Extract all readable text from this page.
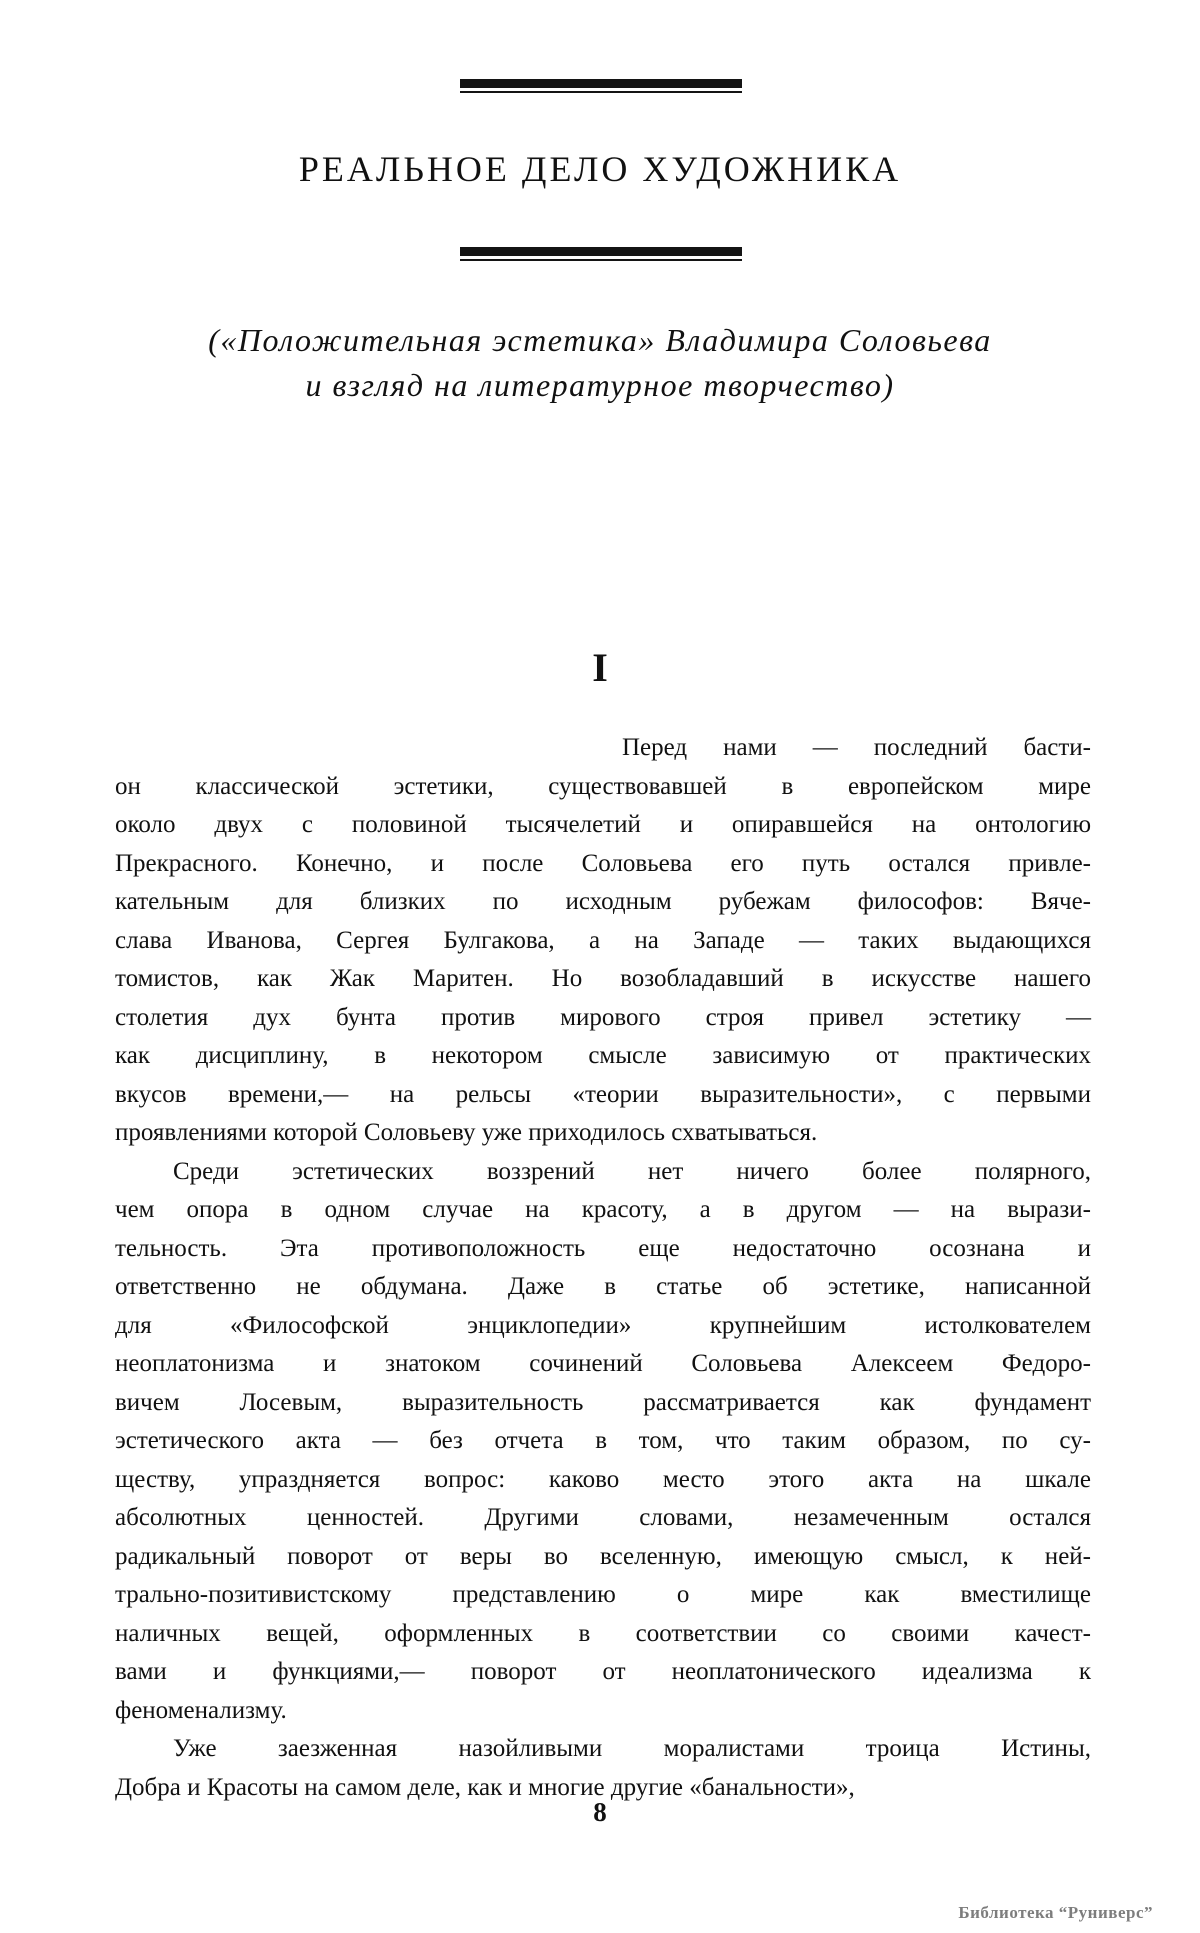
РЕАЛЬНОЕ ДЕЛО ХУДОЖНИКА
(«Положительная эстетика» Владимира Соловьева
и взгляд на литературное творчество)
I

Перед нами — последний басти-
он классической эстетики, существовавшей в европейском мире
около двух с половиной тысячелетий и опиравшейся на онтологию
Прекрасного. Конечно, и после Соловьева его путь остался привле-
кательным для близких по исходным рубежам философов: Вяче-
слава Иванова, Сергея Булгакова, а на Западе — таких выдающихся
томистов, как Жак Маритен. Но возобладавший в искусстве нашего
столетия дух бунта против мирового строя привел эстетику —
как дисциплину, в некотором смысле зависимую от практических
вкусов времени,— на рельсы «теории выразительности», с первыми
проявлениями которой Соловьеву уже приходилось схватываться.

Среди эстетических воззрений нет ничего более полярного,
чем опора в одном случае на красоту, а в другом — на вырази-
тельность. Эта противоположность еще недостаточно осознана и
ответственно не обдумана. Даже в статье об эстетике, написанной
для «Философской энциклопедии» крупнейшим истолкователем
неоплатонизма и знатоком сочинений Соловьева Алексеем Федоро-
вичем Лосевым, выразительность рассматривается как фундамент
эстетического акта — без отчета в том, что таким образом, по су-
ществу, упраздняется вопрос: каково место этого акта на шкале
абсолютных ценностей. Другими словами, незамеченным остался
радикальный поворот от веры во вселенную, имеющую смысл, к ней-
трально-позитивистскому представлению о мире как вместилище
наличных вещей, оформленных в соответствии со своими качест-
вами и функциями,— поворот от неоплатонического идеализма к
феноменализму.

Уже заезженная назойливыми моралистами троица Истины,
Добра и Красоты на самом деле, как и многие другие «банальности»,

8
Библиотека “Руниверс”
